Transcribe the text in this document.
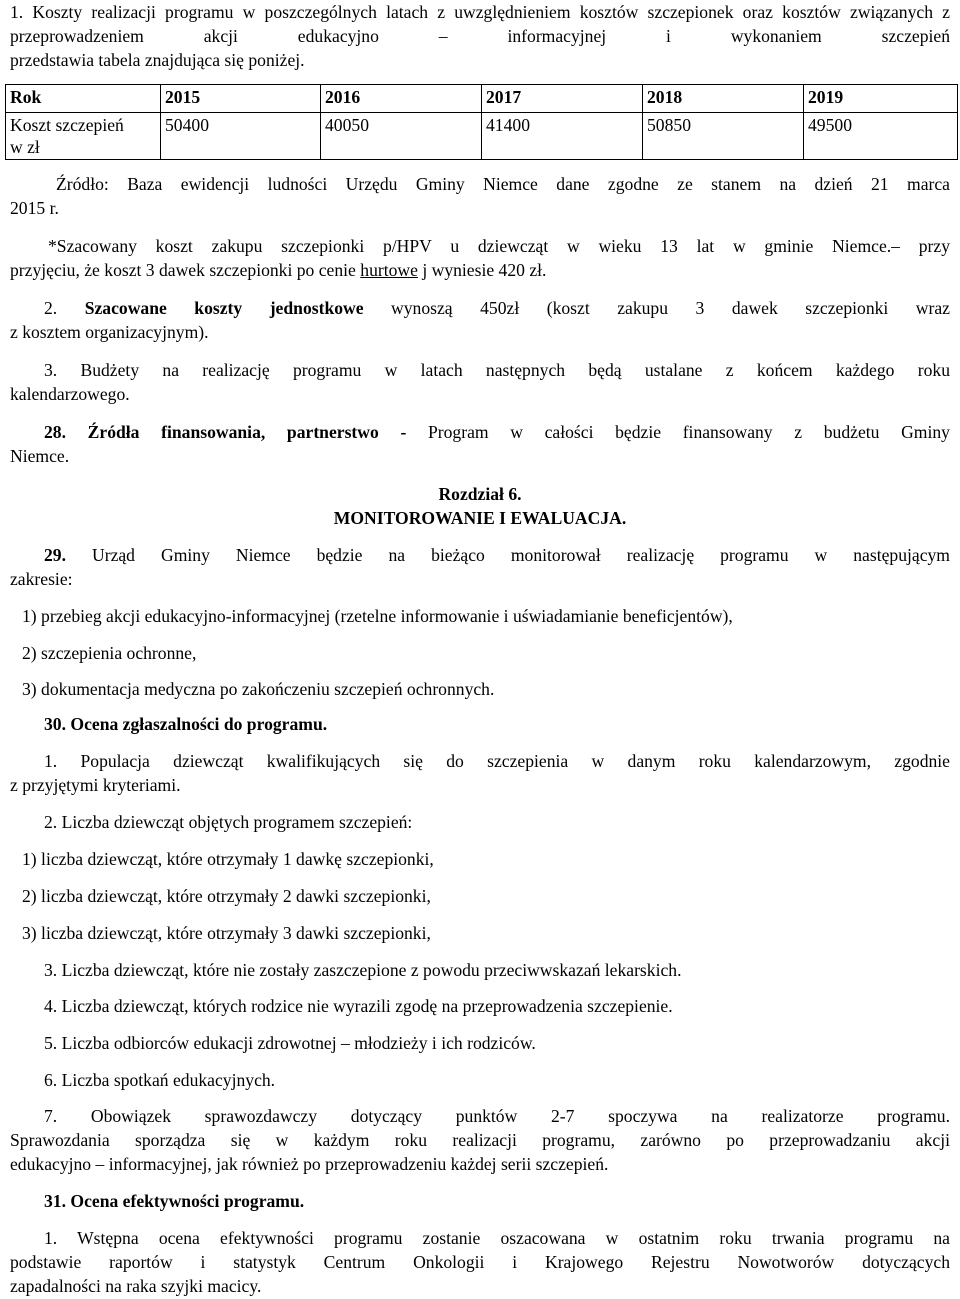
1. Koszty realizacji programu w poszczególnych latach z uwzględnieniem kosztów szczepionek oraz kosztów związanych z przeprowadzeniem akcji edukacyjno – informacyjnej i wykonaniem szczepień

przedstawia tabela znajdująca się poniżej.

Rok	2015	2016	2017	2018	2019
Koszt szczepień w zł	50400	40050	41400	50850	49500

Źródło: Baza ewidencji ludności Urzędu Gminy Niemce dane zgodne ze stanem na dzień 21 marca

2015 r.

*Szacowany koszt zakupu szczepionki p/HPV u dziewcząt w wieku 13 lat w gminie Niemce.– przy

przyjęciu, że koszt 3 dawek szczepionki po cenie hurtowe j wyniesie 420 zł.

2. Szacowane koszty jednostkowe wynoszą 450zł (koszt zakupu 3 dawek szczepionki wraz

z kosztem organizacyjnym).

3. Budżety na realizację programu w latach następnych będą ustalane z końcem każdego roku

kalendarzowego.

28. Źródła finansowania, partnerstwo - Program w całości będzie finansowany z budżetu Gminy

Niemce.

Rozdział 6.

MONITOROWANIE I EWALUACJA.

29. Urząd Gminy Niemce będzie na bieżąco monitorował realizację programu w następującym

zakresie:

1) przebieg akcji edukacyjno-informacyjnej (rzetelne informowanie i uświadamianie beneficjentów),

2) szczepienia ochronne,

3) dokumentacja medyczna po zakończeniu szczepień ochronnych.

30. Ocena zgłaszalności do programu.

1. Populacja dziewcząt kwalifikujących się do szczepienia w danym roku kalendarzowym, zgodnie

z przyjętymi kryteriami.

2. Liczba dziewcząt objętych programem szczepień:

1) liczba dziewcząt, które otrzymały 1 dawkę szczepionki,

2) liczba dziewcząt, które otrzymały 2 dawki szczepionki,

3) liczba dziewcząt, które otrzymały 3 dawki szczepionki,

3. Liczba dziewcząt, które nie zostały zaszczepione z powodu przeciwwskazań lekarskich.

4. Liczba dziewcząt, których rodzice nie wyrazili zgodę na przeprowadzenia szczepienie.

5. Liczba odbiorców edukacji zdrowotnej – młodzieży i ich rodziców.

6. Liczba spotkań edukacyjnych.

7. Obowiązek sprawozdawczy dotyczący punktów 2-7 spoczywa na realizatorze programu.

Sprawozdania sporządza się w każdym roku realizacji programu, zarówno po przeprowadzaniu akcji

edukacyjno – informacyjnej, jak również po przeprowadzeniu każdej serii szczepień.

31. Ocena efektywności programu.

1. Wstępna ocena efektywności programu zostanie oszacowana w ostatnim roku trwania programu na

podstawie raportów i statystyk Centrum Onkologii i Krajowego Rejestru Nowotworów dotyczących

zapadalności na raka szyjki macicy.
